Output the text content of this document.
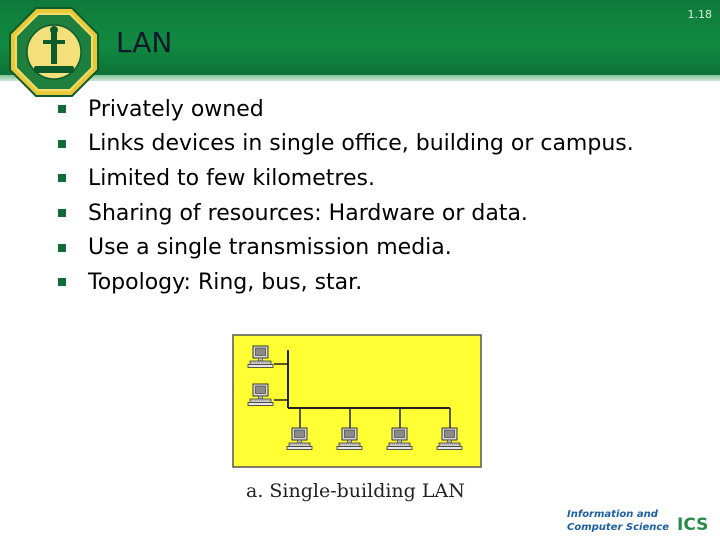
1.18
LAN
Privately owned
Links devices in single office, building or campus.
Limited to few kilometres.
Sharing of resources: Hardware or data.
Use a single transmission media.
Topology: Ring, bus, star.
a. Single-building LAN
Information and
Computer Science ICS
